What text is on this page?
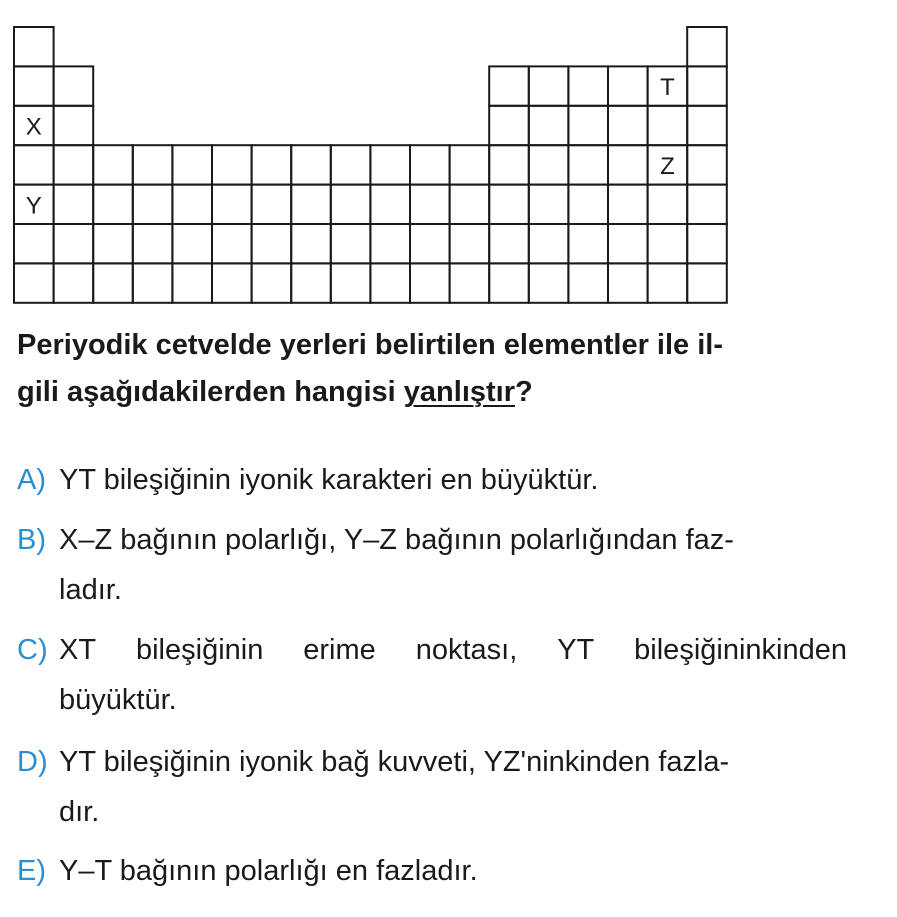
T
X
Z
Y
Periyodik cetvelde yerleri belirtilen elementler ile il-
gili aşağıdakilerden hangisi yanlıştır?
A) YT bileşiğinin iyonik karakteri en büyüktür.
B) X–Z bağının polarlığı, Y–Z bağının polarlığından faz-
ladır.
C) XT bileşiğinin erime noktası, YT bileşiğininkinden
büyüktür.
D) YT bileşiğinin iyonik bağ kuvveti, YZ'ninkinden fazla-
dır.
E) Y–T bağının polarlığı en fazladır.
